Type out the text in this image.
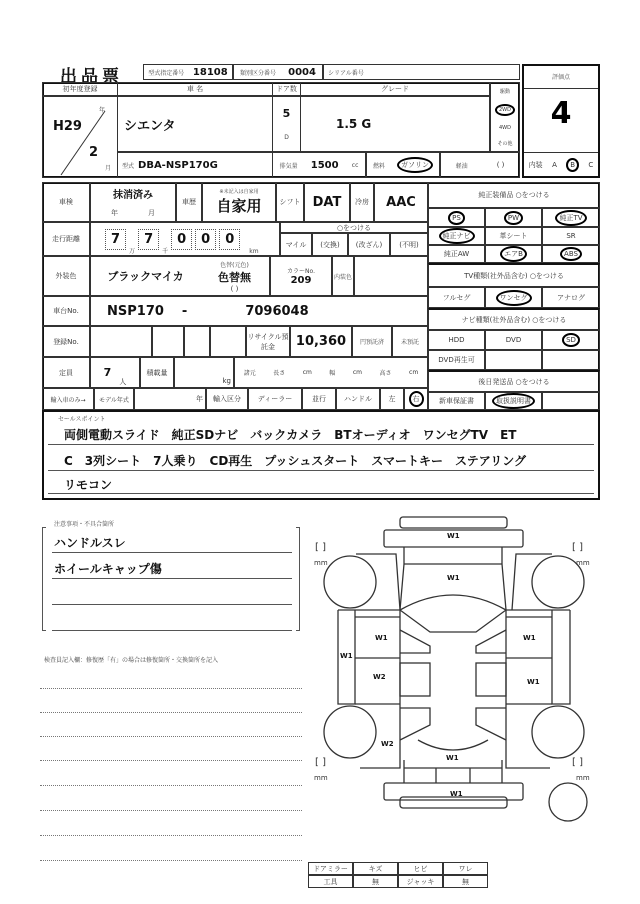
出品票	型式指定番号 18108 類別区分番号 0004 シリアル番号
評価点
4
内装 A	B	C
初年度登録
H29
年
2
月
車 名
シエンタ
ドア数
5
D
グレード
1.5 G
駆動
2WD
4WD
その他
型式 DBA-NSP170G	排気量 1500 cc 燃料	ガソリン	軽油	( )
車検
抹消済み
年	月
車歴
※未記入は自家用
自家用	シフト DAT	冷房	AAC
走行距離	7
万
7
千
0	0	0
km
○をつける
マイル	(交換)	(改ざん)	(不明)
外装色	ブラックマイカ
色替(元色)
色替無
( )
カラーNo.
209	内装色
車台No.	NSP170 -	7096048
登録No.
リサイクル預託金	10,360	円預託済	未預託
定員	7
人
積載量
kg
諸元	長さ	cm	幅	cm	高さ	cm
輸入車のみ→	モデル年式	年	輸入区分	ディーラー	並行	ハンドル	左	右
純正装備品 ○をつける
PS	PW	純正TV
純正ナビ	革シート	SR
純正AW	エアB	ABS
TV種類(社外品含む) ○をつける
フルセグ	ワンセグ	アナログ
ナビ種類(社外品含む) ○をつける
HDD	DVD	SD
DVD再生可
後日発送品 ○をつける
新車保証書	取扱説明書
セールスポイント
両側電動スライド　純正SDナビ　バックカメラ　BTオーディオ　ワンセグTV　ET
C　3列シート　7人乗り　CD再生　プッシュスタート　スマートキー　ステアリング
リモコン
注意事項・不具合箇所
ハンドルスレ
ホイールキャップ傷
検査員記入欄：修復歴「有」の場合は修復箇所・交換箇所を記入
[ ]
mm
[ ]
mm
[ ]
mm
[ ]
mm
W1
W1
W1	W1
W1
W2
W1
W2
W1
W1
ドアミラー	キズ	ヒビ	ワレ
工具	無	ジャッキ	無
